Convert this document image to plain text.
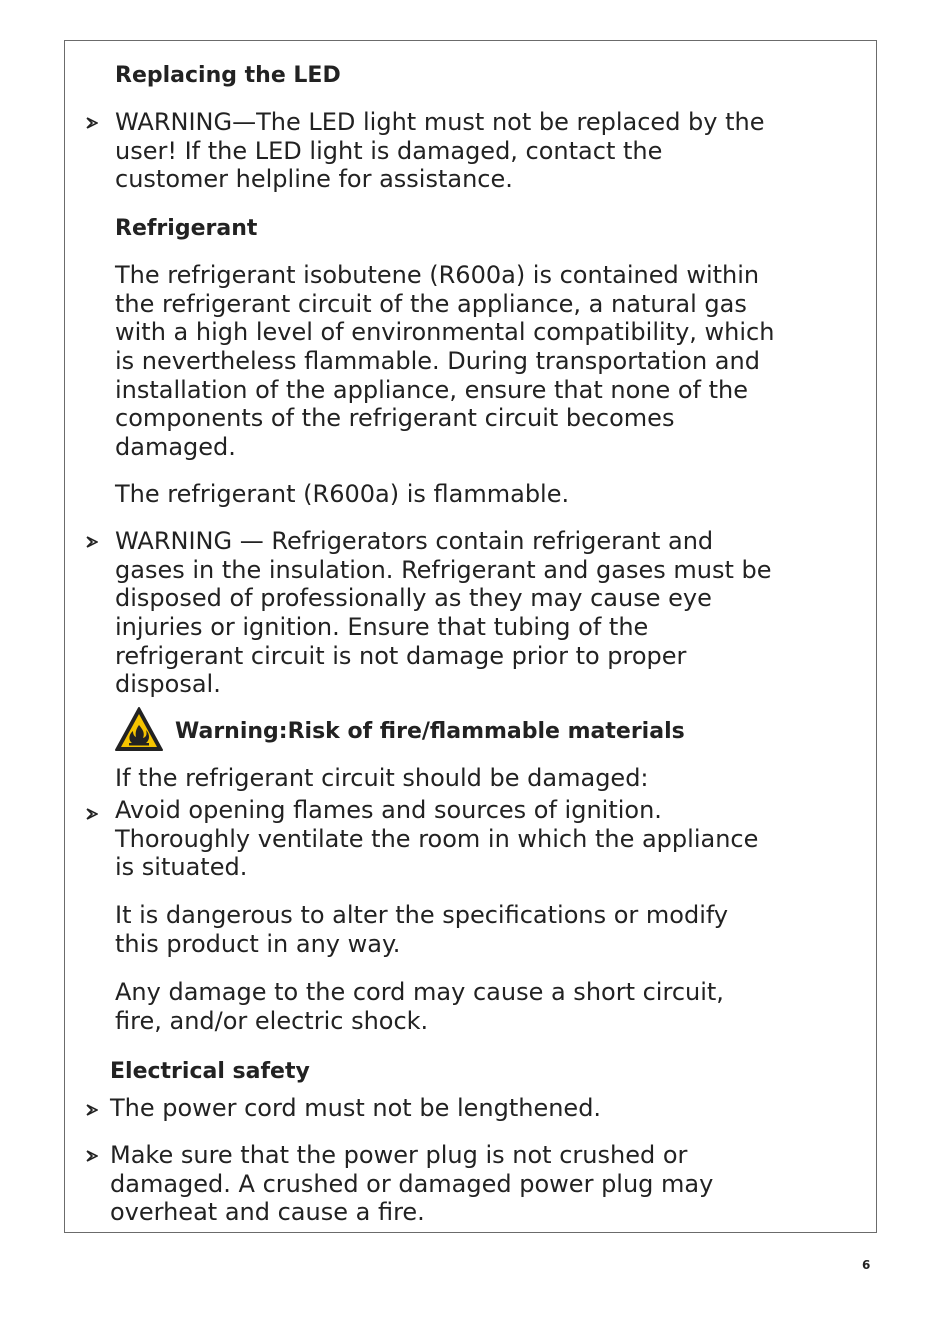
Replacing the LED
WARNING—The LED light must not be replaced by the
user! If the LED light is damaged, contact the
customer helpline for assistance.
Refrigerant
The refrigerant isobutene (R600a) is contained within
the refrigerant circuit of the appliance, a natural gas
with a high level of environmental compatibility, which
is nevertheless flammable. During transportation and
installation of the appliance, ensure that none of the
components of the refrigerant circuit becomes
damaged.
The refrigerant (R600a) is flammable.
WARNING — Refrigerators contain refrigerant and
gases in the insulation. Refrigerant and gases must be
disposed of professionally as they may cause eye
injuries or ignition. Ensure that tubing of the
refrigerant circuit is not damage prior to proper
disposal.
Warning:Risk of fire/flammable materials
If the refrigerant circuit should be damaged:
Avoid opening flames and sources of ignition.
Thoroughly ventilate the room in which the appliance
is situated.
It is dangerous to alter the specifications or modify
this product in any way.
Any damage to the cord may cause a short circuit,
fire, and/or electric shock.
Electrical safety
The power cord must not be lengthened.
Make sure that the power plug is not crushed or
damaged. A crushed or damaged power plug may
overheat and cause a fire.
6
